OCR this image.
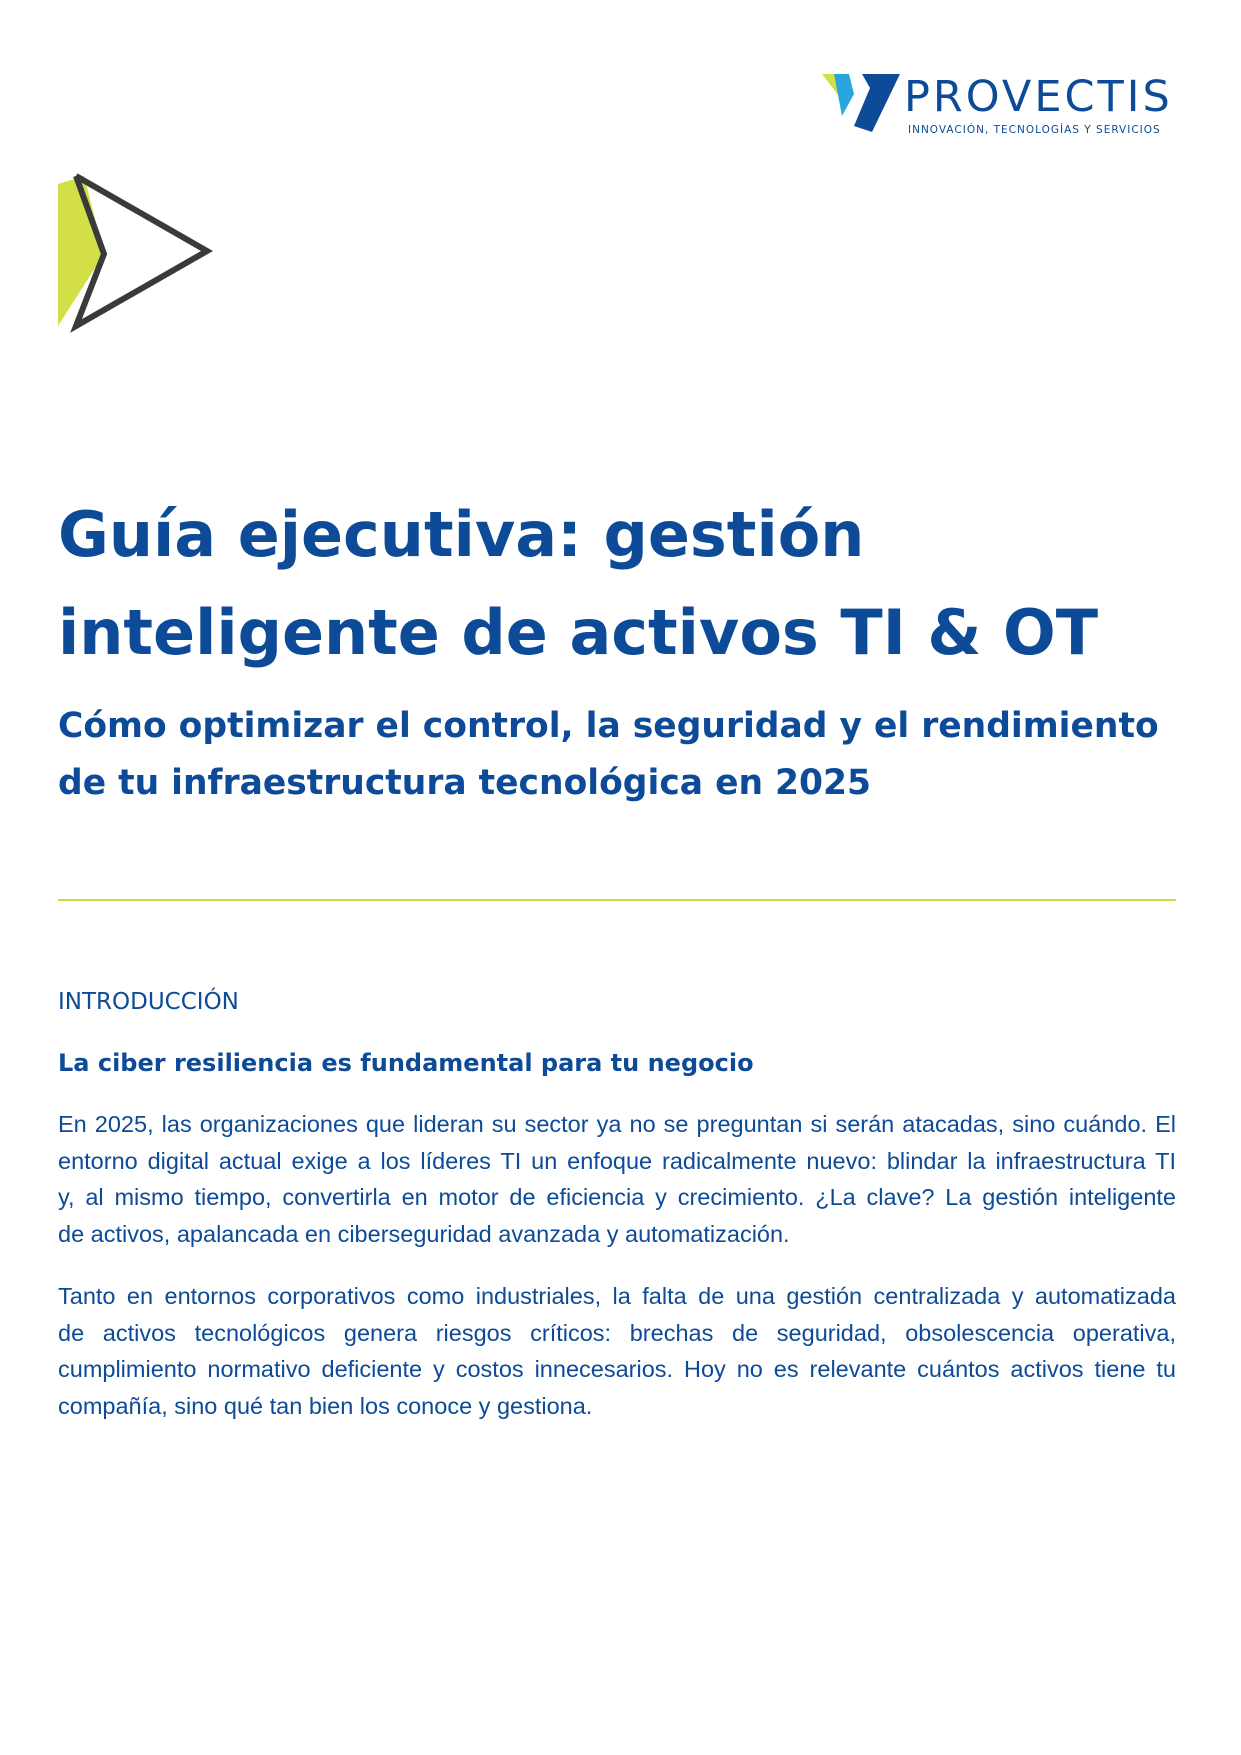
PROVECTIS
INNOVACIÓN, TECNOLOGÍAS Y SERVICIOS
Guía ejecutiva: gestión
inteligente de activos TI & OT
Cómo optimizar el control, la seguridad y el rendimiento
de tu infraestructura tecnológica en 2025
INTRODUCCIÓN
La ciber resiliencia es fundamental para tu negocio

En 2025, las organizaciones que lideran su sector ya no se preguntan si serán atacadas, sino cuándo. El
entorno digital actual exige a los líderes TI un enfoque radicalmente nuevo: blindar la infraestructura TI
y, al mismo tiempo, convertirla en motor de eficiencia y crecimiento. ¿La clave? La gestión inteligente
de activos, apalancada en ciberseguridad avanzada y automatización.

Tanto en entornos corporativos como industriales, la falta de una gestión centralizada y automatizada
de activos tecnológicos genera riesgos críticos: brechas de seguridad, obsolescencia operativa,
cumplimiento normativo deficiente y costos innecesarios. Hoy no es relevante cuántos activos tiene tu
compañía, sino qué tan bien los conoce y gestiona.
